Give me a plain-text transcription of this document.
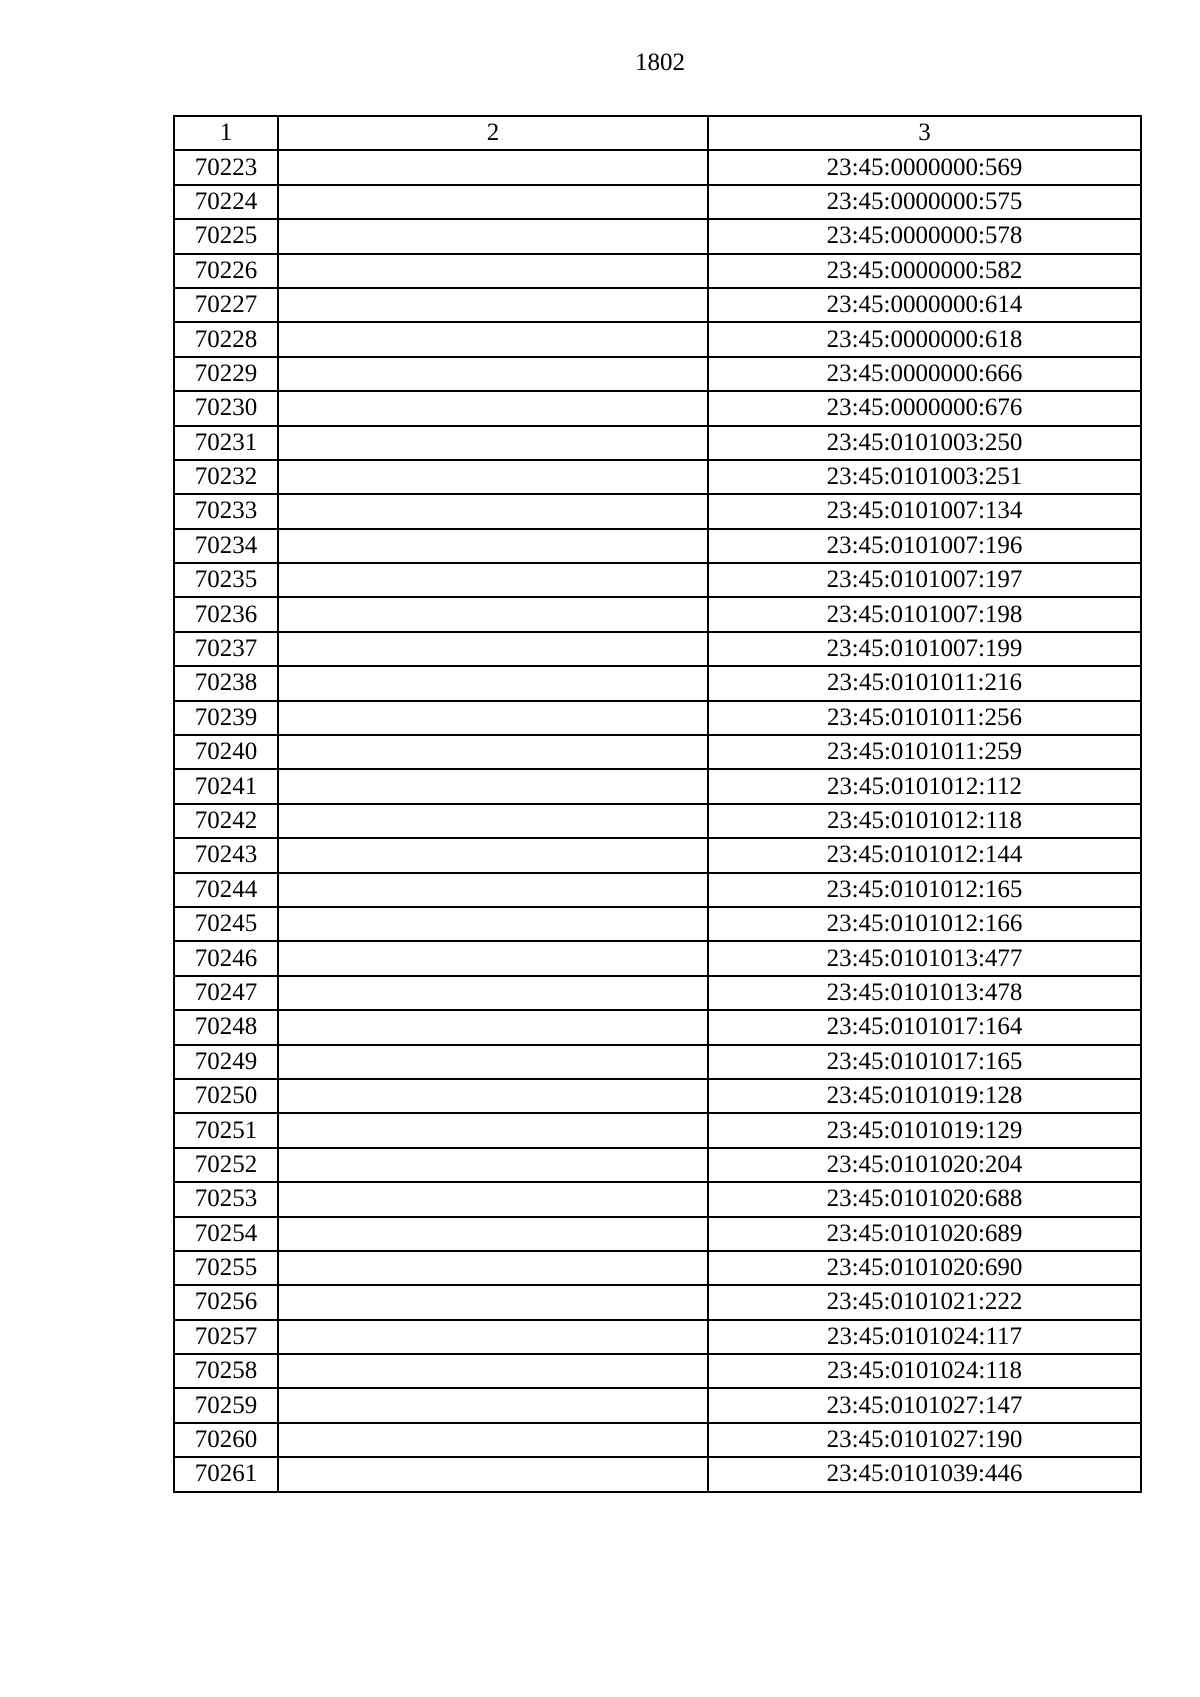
1802
1	2	3
70223		23:45:0000000:569
70224		23:45:0000000:575
70225		23:45:0000000:578
70226		23:45:0000000:582
70227		23:45:0000000:614
70228		23:45:0000000:618
70229		23:45:0000000:666
70230		23:45:0000000:676
70231		23:45:0101003:250
70232		23:45:0101003:251
70233		23:45:0101007:134
70234		23:45:0101007:196
70235		23:45:0101007:197
70236		23:45:0101007:198
70237		23:45:0101007:199
70238		23:45:0101011:216
70239		23:45:0101011:256
70240		23:45:0101011:259
70241		23:45:0101012:112
70242		23:45:0101012:118
70243		23:45:0101012:144
70244		23:45:0101012:165
70245		23:45:0101012:166
70246		23:45:0101013:477
70247		23:45:0101013:478
70248		23:45:0101017:164
70249		23:45:0101017:165
70250		23:45:0101019:128
70251		23:45:0101019:129
70252		23:45:0101020:204
70253		23:45:0101020:688
70254		23:45:0101020:689
70255		23:45:0101020:690
70256		23:45:0101021:222
70257		23:45:0101024:117
70258		23:45:0101024:118
70259		23:45:0101027:147
70260		23:45:0101027:190
70261		23:45:0101039:446
